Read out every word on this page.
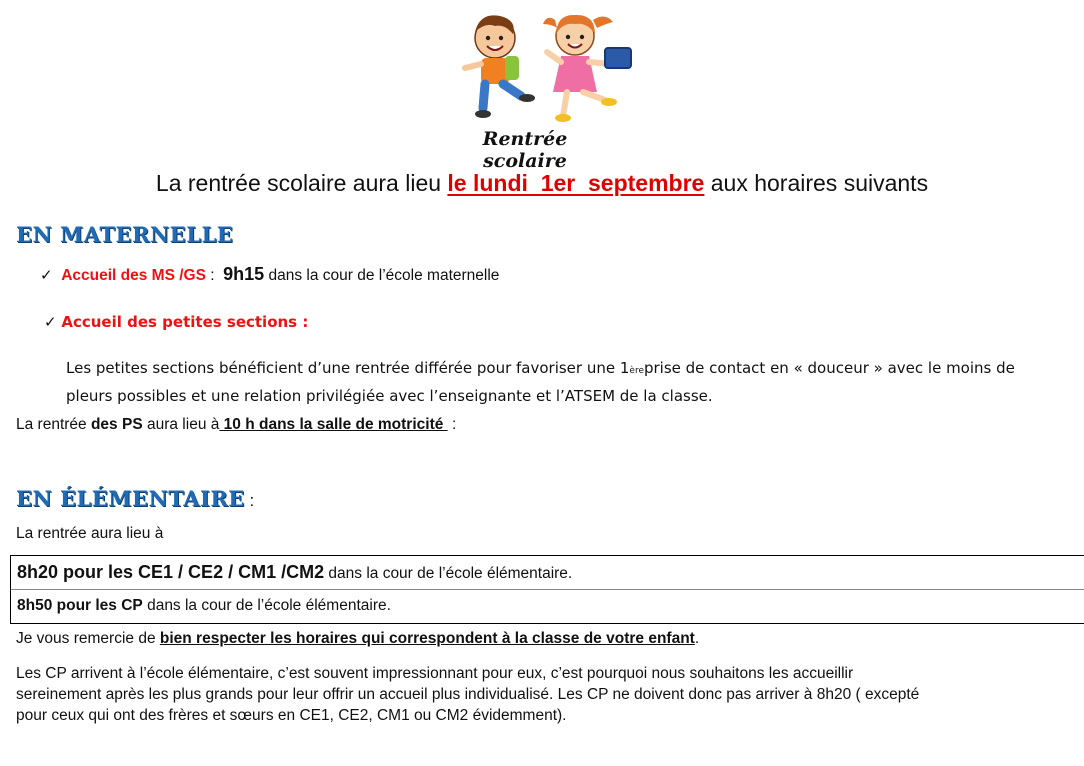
Rentrée scolaire
La rentrée scolaire aura lieu le lundi  1er  septembre aux horaires suivants
EN MATERNELLE
✓ Accueil des MS /GS :  9h15 dans la cour de l’école maternelle
✓ Accueil des petites sections :
Les petites sections bénéficient d’une rentrée différée pour favoriser une 1èreprise de contact en « douceur » avec le moins de
pleurs possibles et une relation privilégiée avec l’enseignante et l’ATSEM de la classe.
La rentrée des PS aura lieu à 10 h dans la salle de motricité  :
EN ÉLÉMENTAIRE :
La rentrée aura lieu à
8h20 pour les CE1 / CE2 / CM1 /CM2 dans la cour de l’école élémentaire.
8h50 pour les CP dans la cour de l’école élémentaire.
Je vous remercie de bien respecter les horaires qui correspondent à la classe de votre enfant.
Les CP arrivent à l’école élémentaire, c’est souvent impressionnant pour eux, c’est pourquoi nous souhaitons les accueillir
sereinement après les plus grands pour leur offrir un accueil plus individualisé. Les CP ne doivent donc pas arriver à 8h20 ( excepté
pour ceux qui ont des frères et sœurs en CE1, CE2, CM1 ou CM2 évidemment).
